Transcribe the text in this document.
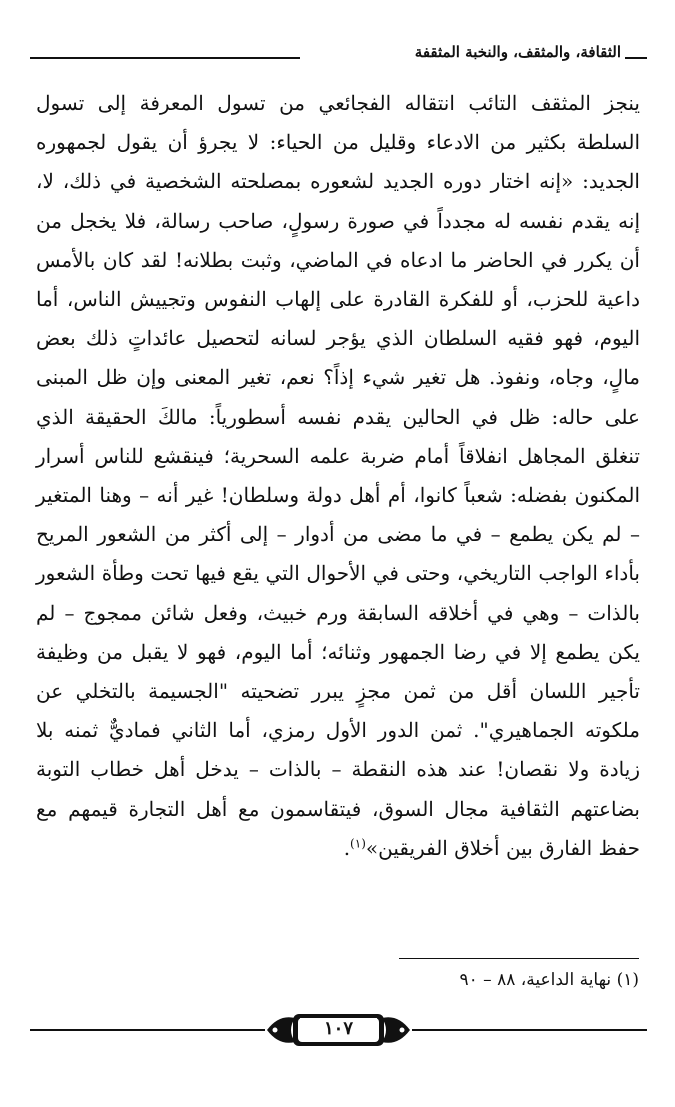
الثقافة، والمثقف، والنخبة المثقفة

ينجز المثقف التائب انتقاله الفجائعي من تسول المعرفة إلى تسول السلطة بكثير من الادعاء وقليل من الحياء: لا يجرؤ أن يقول لجمهوره الجديد: «إنه اختار دوره الجديد لشعوره بمصلحته الشخصية في ذلك، لا، إنه يقدم نفسه له مجدداً في صورة رسولٍ، صاحب رسالة، فلا يخجل من أن يكرر في الحاضر ما ادعاه في الماضي، وثبت بطلانه! لقد كان بالأمس داعية للحزب، أو للفكرة القادرة على إلهاب النفوس وتجييش الناس، أما اليوم، فهو فقيه السلطان الذي يؤجر لسانه لتحصيل عائداتٍ ذلك بعض مالٍ، وجاه، ونفوذ. هل تغير شيء إذاً؟ نعم، تغير المعنى وإن ظل المبنى على حاله: ظل في الحالين يقدم نفسه أسطورياً: مالكَ الحقيقة الذي تنغلق المجاهل انفلاقاً أمام ضربة علمه السحرية؛ فينقشع للناس أسرار المكنون بفضله: شعباً كانوا، أم أهل دولة وسلطان! غير أنه – وهنا المتغير – لم يكن يطمع – في ما مضى من أدوار – إلى أكثر من الشعور المريح بأداء الواجب التاريخي، وحتى في الأحوال التي يقع فيها تحت وطأة الشعور بالذات – وهي في أخلاقه السابقة ورم خبيث، وفعل شائن ممجوج – لم يكن يطمع إلا في رضا الجمهور وثنائه؛ أما اليوم، فهو لا يقبل من وظيفة تأجير اللسان أقل من ثمن مجزٍ يبرر تضحيته "الجسيمة بالتخلي عن ملكوته الجماهيري". ثمن الدور الأول رمزي، أما الثاني فماديٌّ ثمنه بلا زيادة ولا نقصان! عند هذه النقطة – بالذات – يدخل أهل خطاب التوبة بضاعتهم الثقافية مجال السوق، فيتقاسمون مع أهل التجارة قيمهم مع حفظ الفارق بين أخلاق الفريقين»$^{(١)}$.

(١) نهاية الداعية، ٨٨ – ٩٠

١٠٧
